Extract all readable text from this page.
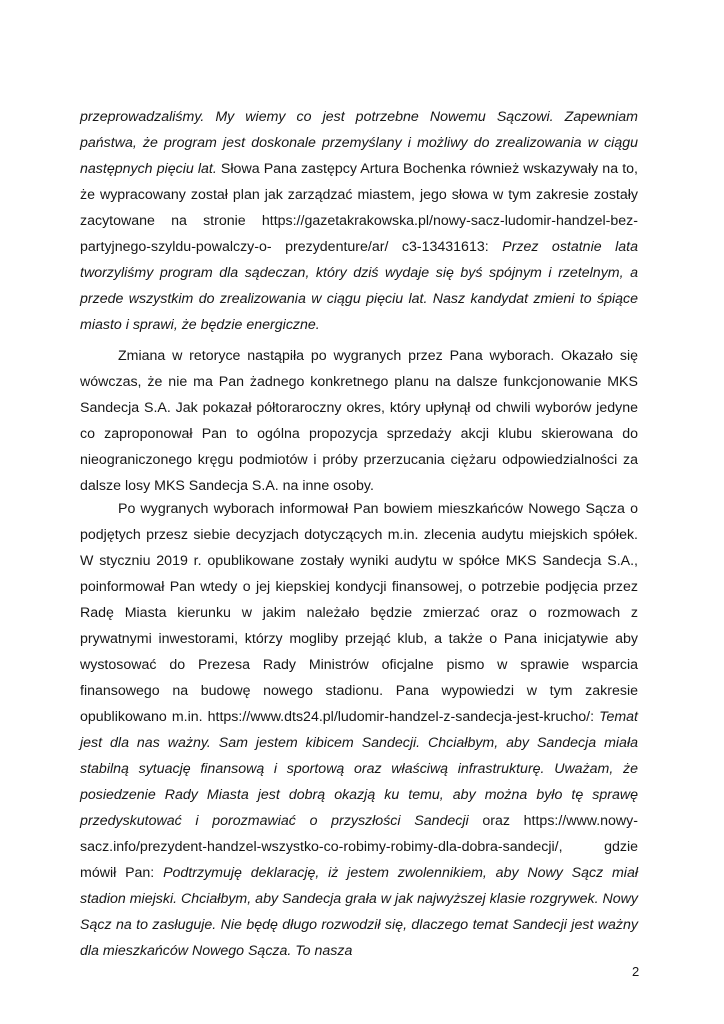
przeprowadzaliśmy. My wiemy co jest potrzebne Nowemu Sączowi. Zapewniam państwa, że program jest doskonale przemyślany i możliwy do zrealizowania w ciągu następnych pięciu lat. Słowa Pana zastępcy Artura Bochenka również wskazywały na to, że wypracowany został plan jak zarządzać miastem, jego słowa w tym zakresie zostały zacytowane na stronie https://gazetakrakowska.pl/nowy-sacz-ludomir-handzel-bez-partyjnego-szyldu-powalczy-o- prezydenture/ar/ c3-13431613: Przez ostatnie lata tworzyliśmy program dla sądeczan, który dziś wydaje się byś spójnym i rzetelnym, a przede wszystkim do zrealizowania w ciągu pięciu lat. Nasz kandydat zmieni to śpiące miasto i sprawi, że będzie energiczne.

Zmiana w retoryce nastąpiła po wygranych przez Pana wyborach. Okazało się wówczas, że nie ma Pan żadnego konkretnego planu na dalsze funkcjonowanie MKS Sandecja S.A. Jak pokazał półtoraroczny okres, który upłynął od chwili wyborów jedyne co zaproponował Pan to ogólna propozycja sprzedaży akcji klubu skierowana do nieograniczonego kręgu podmiotów i próby przerzucania ciężaru odpowiedzialności za dalsze losy MKS Sandecja S.A. na inne osoby.

Po wygranych wyborach informował Pan bowiem mieszkańców Nowego Sącza o podjętych przesz siebie decyzjach dotyczących m.in. zlecenia audytu miejskich spółek. W styczniu 2019 r. opublikowane zostały wyniki audytu w spółce MKS Sandecja S.A., poinformował Pan wtedy o jej kiepskiej kondycji finansowej, o potrzebie podjęcia przez Radę Miasta kierunku w jakim należało będzie zmierzać oraz o rozmowach z prywatnymi inwestorami, którzy mogliby przejąć klub, a także o Pana inicjatywie aby wystosować do Prezesa Rady Ministrów oficjalne pismo w sprawie wsparcia finansowego na budowę nowego stadionu. Pana wypowiedzi w tym zakresie opublikowano m.in. https://www.dts24.pl/ludomir-handzel-z-sandecja-jest-krucho/: Temat jest dla nas ważny. Sam jestem kibicem Sandecji. Chciałbym, aby Sandecja miała stabilną sytuację finansową i sportową oraz właściwą infrastrukturę. Uważam, że posiedzenie Rady Miasta jest dobrą okazją ku temu, aby można było tę sprawę przedyskutować i porozmawiać o przyszłości Sandecji oraz https://www.nowy-sacz.info/prezydent-handzel-wszystko-co-robimy-robimy-dla-dobra-sandecji/, gdzie mówił Pan: Podtrzymuję deklarację, iż jestem zwolennikiem, aby Nowy Sącz miał stadion miejski. Chciałbym, aby Sandecja grała w jak najwyższej klasie rozgrywek. Nowy Sącz na to zasługuje. Nie będę długo rozwodził się, dlaczego temat Sandecji jest ważny dla mieszkańców Nowego Sącza. To nasza

2
